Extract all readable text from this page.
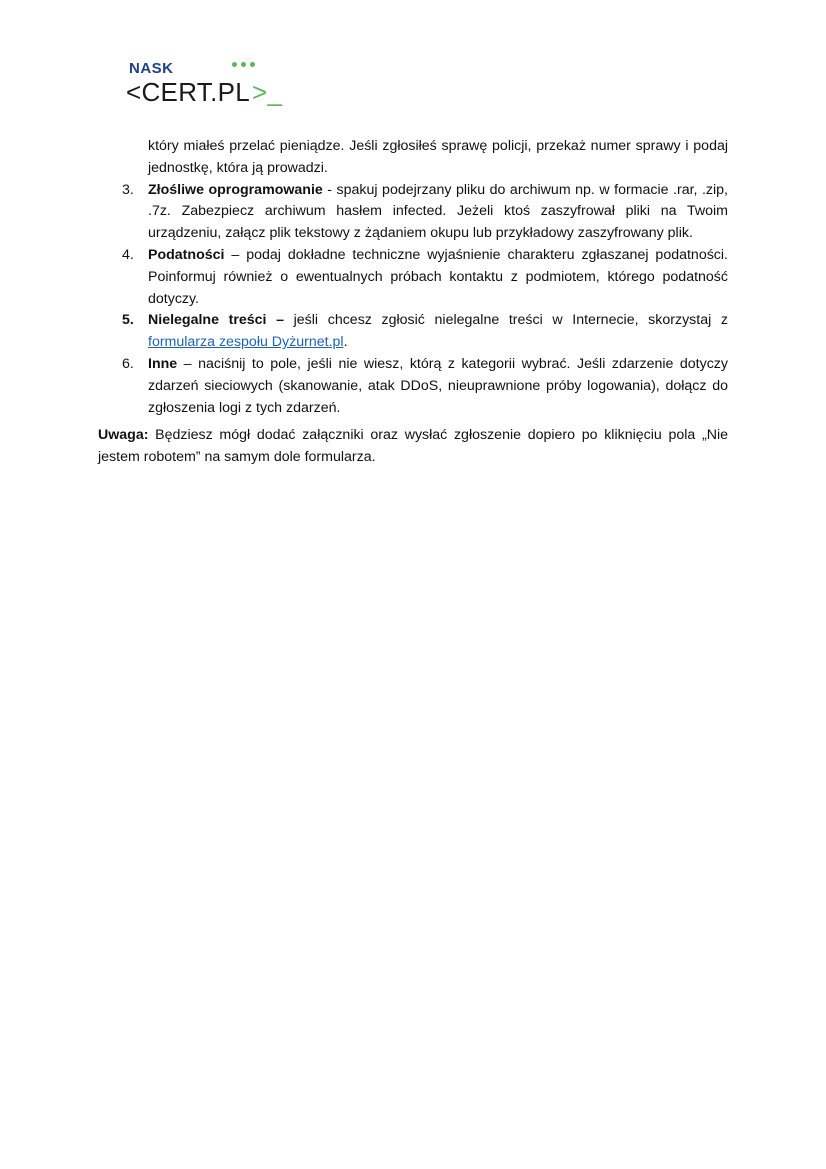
NASK
<CERT.PL>_
który miałeś przelać pieniądze. Jeśli zgłosiłeś sprawę policji, przekaż numer sprawy i podaj jednostkę, która ją prowadzi.
3. Złośliwe oprogramowanie - spakuj podejrzany pliku do archiwum np. w formacie .rar, .zip, .7z. Zabezpiecz archiwum hasłem infected. Jeżeli ktoś zaszyfrował pliki na Twoim urządzeniu, załącz plik tekstowy z żądaniem okupu lub przykładowy zaszyfrowany plik.
4. Podatności – podaj dokładne techniczne wyjaśnienie charakteru zgłaszanej podatności. Poinformuj również o ewentualnych próbach kontaktu z podmiotem, którego podatność dotyczy.
5. Nielegalne treści – jeśli chcesz zgłosić nielegalne treści w Internecie, skorzystaj z formularza zespołu Dyżurnet.pl.
6. Inne – naciśnij to pole, jeśli nie wiesz, którą z kategorii wybrać. Jeśli zdarzenie dotyczy zdarzeń sieciowych (skanowanie, atak DDoS, nieuprawnione próby logowania), dołącz do zgłoszenia logi z tych zdarzeń.
Uwaga: Będziesz mógł dodać załączniki oraz wysłać zgłoszenie dopiero po kliknięciu pola „Nie jestem robotem” na samym dole formularza.
